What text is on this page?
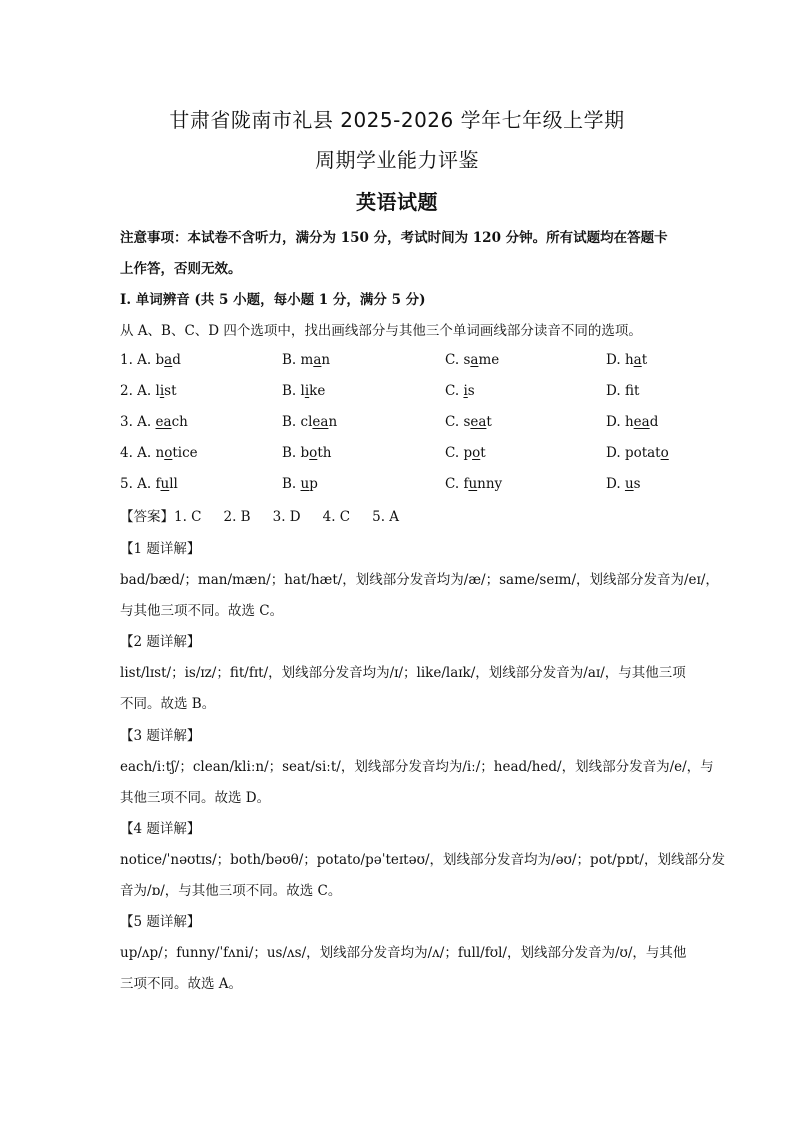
甘肃省陇南市礼县 2025-2026 学年七年级上学期
周期学业能力评鉴
英语试题
注意事项：本试卷不含听力，满分为 150 分，考试时间为 120 分钟。所有试题均在答题卡
上作答，否则无效。
I. 单词辨音 (共 5 小题，每小题 1 分，满分 5 分)
从 A、B、C、D 四个选项中，找出画线部分与其他三个单词画线部分读音不同的选项。
1. A. bad	B. man	C. same	D. hat
2. A. list	B. like	C. is	D. ft
3. A. each	B. clean	C. seat	D. head
4. A. notice	B. both	C. pot	D. potato
5. A. full	B. up	C. funny	D. us
【答案】1. C 2. B 3. D 4. C 5. A
【1 题详解】
bad/bæd/；man/mæn/；hat/hæt/，划线部分发音均为/æ/；same/seɪm/，划线部分发音为/eɪ/，
与其他三项不同。故选 C。
【2 题详解】
list/lɪst/；is/ɪz/；fit/fɪt/，划线部分发音均为/ɪ/；like/laɪk/，划线部分发音为/aɪ/，与其他三项
不同。故选 B。
【3 题详解】
each/iːtʃ/；clean/kliːn/；seat/siːt/，划线部分发音均为/iː/；head/hed/，划线部分发音为/e/，与
其他三项不同。故选 D。
【4 题详解】
notice/ˈnəʊtɪs/；both/bəʊθ/；potato/pəˈteɪtəʊ/，划线部分发音均为/əʊ/；pot/pɒt/，划线部分发
音为/ɒ/，与其他三项不同。故选 C。
【5 题详解】
up/ʌp/；funny/ˈfʌni/；us/ʌs/，划线部分发音均为/ʌ/；full/fʊl/，划线部分发音为/ʊ/，与其他
三项不同。故选 A。
